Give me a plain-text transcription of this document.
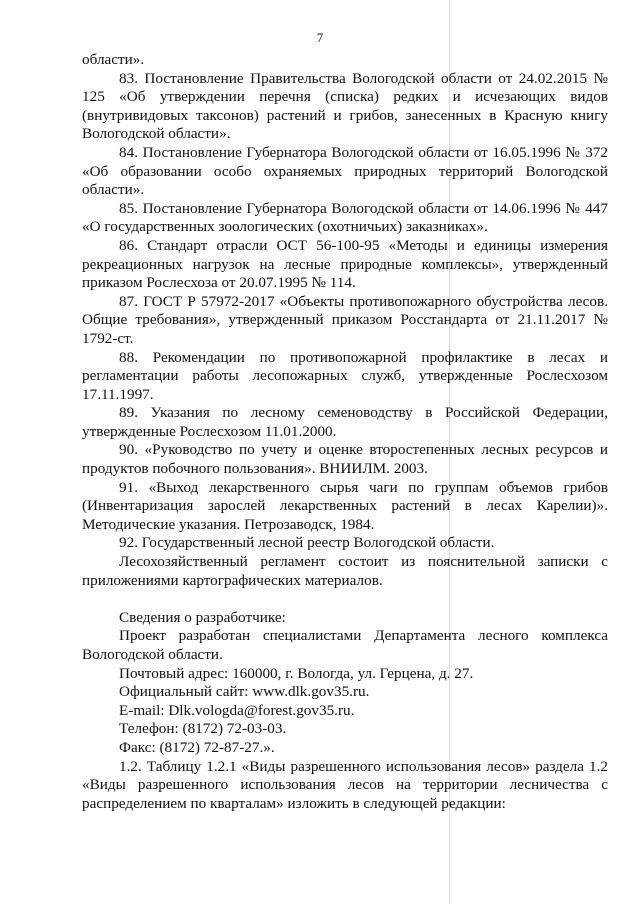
7

области».

83. Постановление Правительства Вологодской области от 24.02.2015 № 125 «Об утверждении перечня (списка) редких и исчезающих видов (внутривидовых таксонов) растений и грибов, занесенных в Красную книгу Вологодской области».

84. Постановление Губернатора Вологодской области от 16.05.1996 № 372 «Об образовании особо охраняемых природных территорий Вологодской области».

85. Постановление Губернатора Вологодской области от 14.06.1996 № 447 «О государственных зоологических (охотничьих) заказниках».

86. Стандарт отрасли ОСТ 56-100-95 «Методы и единицы измерения рекреационных нагрузок на лесные природные комплексы», утвержденный приказом Рослесхоза от 20.07.1995 № 114.

87. ГОСТ Р 57972-2017 «Объекты противопожарного обустройства лесов. Общие требования», утвержденный приказом Росстандарта от 21.11.2017 № 1792-ст.

88. Рекомендации по противопожарной профилактике в лесах и регламентации работы лесопожарных служб, утвержденные Рослесхозом 17.11.1997.

89. Указания по лесному семеноводству в Российской Федерации, утвержденные Рослесхозом 11.01.2000.

90. «Руководство по учету и оценке второстепенных лесных ресурсов и продуктов побочного пользования». ВНИИЛМ. 2003.

91. «Выход лекарственного сырья чаги по группам объемов грибов (Инвентаризация зарослей лекарственных растений в лесах Карелии)». Методические указания. Петрозаводск, 1984.

92. Государственный лесной реестр Вологодской области.

Лесохозяйственный регламент состоит из пояснительной записки с приложениями картографических материалов.

Сведения о разработчике:

Проект разработан специалистами Департамента лесного комплекса Вологодской области.

Почтовый адрес: 160000, г. Вологда, ул. Герцена, д. 27.

Официальный сайт: www.dlk.gov35.ru.

E-mail: Dlk.vologda@forest.gov35.ru.

Телефон: (8172) 72-03-03.

Факс: (8172) 72-87-27.».

1.2. Таблицу 1.2.1 «Виды разрешенного использования лесов» раздела 1.2 «Виды разрешенного использования лесов на территории лесничества с распределением по кварталам» изложить в следующей редакции:
